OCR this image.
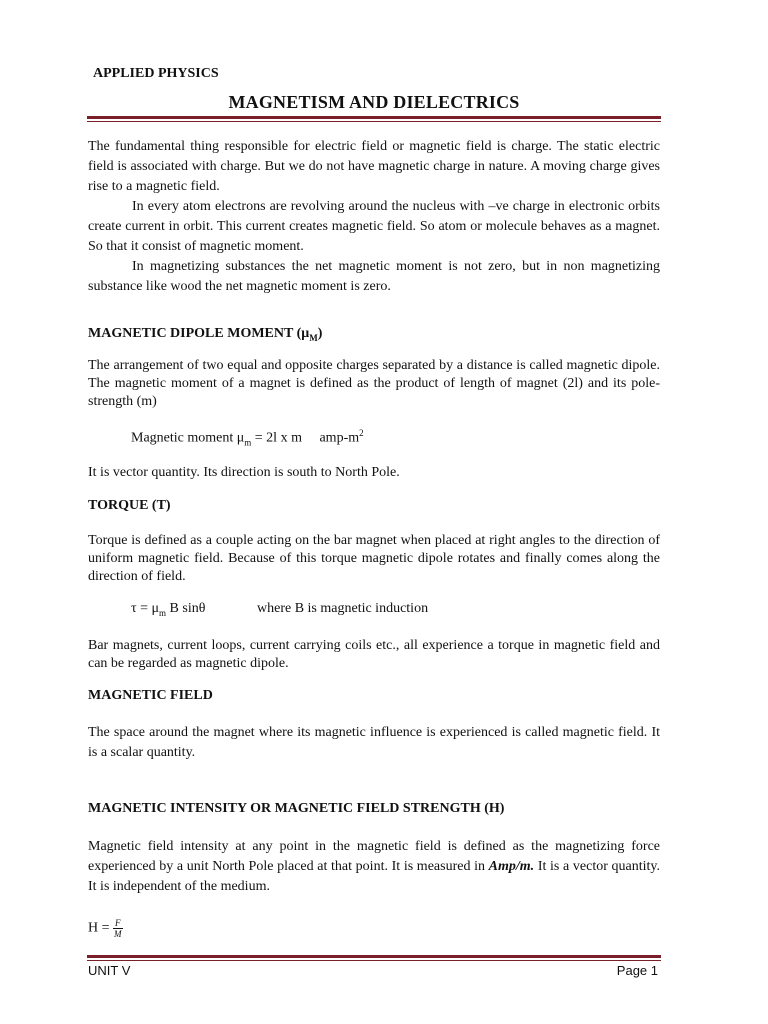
APPLIED PHYSICS
MAGNETISM AND DIELECTRICS

The fundamental thing responsible for electric field or magnetic field is charge. The static electric field is associated with charge. But we do not have magnetic charge in nature. A moving charge gives rise to a magnetic field.

In every atom electrons are revolving around the nucleus with –ve charge in electronic orbits create current in orbit. This current creates magnetic field. So atom or molecule behaves as a magnet. So that it consist of magnetic moment.

In magnetizing substances the net magnetic moment is not zero, but in non magnetizing substance like wood the net magnetic moment is zero.

MAGNETIC DIPOLE MOMENT $(\mu_M)$

The arrangement of two equal and opposite charges separated by a distance is called magnetic dipole. The magnetic moment of a magnet is defined as the product of length of magnet (2l) and its pole-strength (m)

Magnetic moment $\mu_m = 2l$ x m amp-$m^2$

It is vector quantity. Its direction is south to North Pole.

TORQUE (T)

Torque is defined as a couple acting on the bar magnet when placed at right angles to the direction of uniform magnetic field. Because of this torque magnetic dipole rotates and finally comes along the direction of field.

$\tau = \mu_m$ B sinθ	where B is magnetic induction

Bar magnets, current loops, current carrying coils etc., all experience a torque in magnetic field and can be regarded as magnetic dipole.

MAGNETIC FIELD

The space around the magnet where its magnetic influence is experienced is called magnetic field. It is a scalar quantity.

MAGNETIC INTENSITY OR MAGNETIC FIELD STRENGTH (H)

Magnetic field intensity at any point in the magnetic field is defined as the magnetizing force experienced by a unit North Pole placed at that point. It is measured in Amp/m. It is a vector quantity. It is independent of the medium.

$H = \frac{F}{M}$
UNIT V	Page 1
